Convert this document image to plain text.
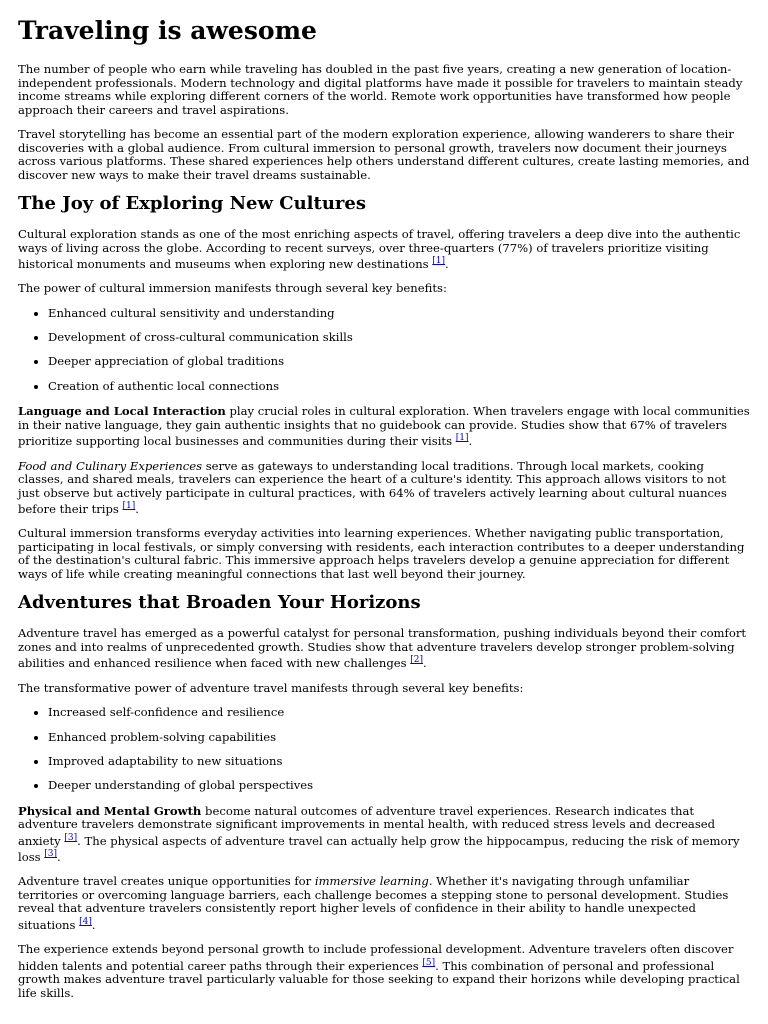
Traveling is awesome

The number of people who earn while traveling has doubled in the past five years, creating a new generation of location-independent professionals. Modern technology and digital platforms have made it possible for travelers to maintain steady income streams while exploring different corners of the world. Remote work opportunities have transformed how people approach their careers and travel aspirations.

Travel storytelling has become an essential part of the modern exploration experience, allowing wanderers to share their discoveries with a global audience. From cultural immersion to personal growth, travelers now document their journeys across various platforms. These shared experiences help others understand different cultures, create lasting memories, and discover new ways to make their travel dreams sustainable.

The Joy of Exploring New Cultures

Cultural exploration stands as one of the most enriching aspects of travel, offering travelers a deep dive into the authentic ways of living across the globe. According to recent surveys, over three-quarters (77%) of travelers prioritize visiting historical monuments and museums when exploring new destinations [1].

The power of cultural immersion manifests through several key benefits:

• Enhanced cultural sensitivity and understanding
• Development of cross-cultural communication skills
• Deeper appreciation of global traditions
• Creation of authentic local connections

Language and Local Interaction play crucial roles in cultural exploration. When travelers engage with local communities in their native language, they gain authentic insights that no guidebook can provide. Studies show that 67% of travelers prioritize supporting local businesses and communities during their visits [1].

Food and Culinary Experiences serve as gateways to understanding local traditions. Through local markets, cooking classes, and shared meals, travelers can experience the heart of a culture's identity. This approach allows visitors to not just observe but actively participate in cultural practices, with 64% of travelers actively learning about cultural nuances before their trips [1].

Cultural immersion transforms everyday activities into learning experiences. Whether navigating public transportation, participating in local festivals, or simply conversing with residents, each interaction contributes to a deeper understanding of the destination's cultural fabric. This immersive approach helps travelers develop a genuine appreciation for different ways of life while creating meaningful connections that last well beyond their journey.

Adventures that Broaden Your Horizons

Adventure travel has emerged as a powerful catalyst for personal transformation, pushing individuals beyond their comfort zones and into realms of unprecedented growth. Studies show that adventure travelers develop stronger problem-solving abilities and enhanced resilience when faced with new challenges [2].

The transformative power of adventure travel manifests through several key benefits:

• Increased self-confidence and resilience
• Enhanced problem-solving capabilities
• Improved adaptability to new situations
• Deeper understanding of global perspectives

Physical and Mental Growth become natural outcomes of adventure travel experiences. Research indicates that adventure travelers demonstrate significant improvements in mental health, with reduced stress levels and decreased anxiety [3]. The physical aspects of adventure travel can actually help grow the hippocampus, reducing the risk of memory loss [3].

Adventure travel creates unique opportunities for immersive learning. Whether it's navigating through unfamiliar territories or overcoming language barriers, each challenge becomes a stepping stone to personal development. Studies reveal that adventure travelers consistently report higher levels of confidence in their ability to handle unexpected situations [4].

The experience extends beyond personal growth to include professional development. Adventure travelers often discover hidden talents and potential career paths through their experiences [5]. This combination of personal and professional growth makes adventure travel particularly valuable for those seeking to expand their horizons while developing practical life skills.
